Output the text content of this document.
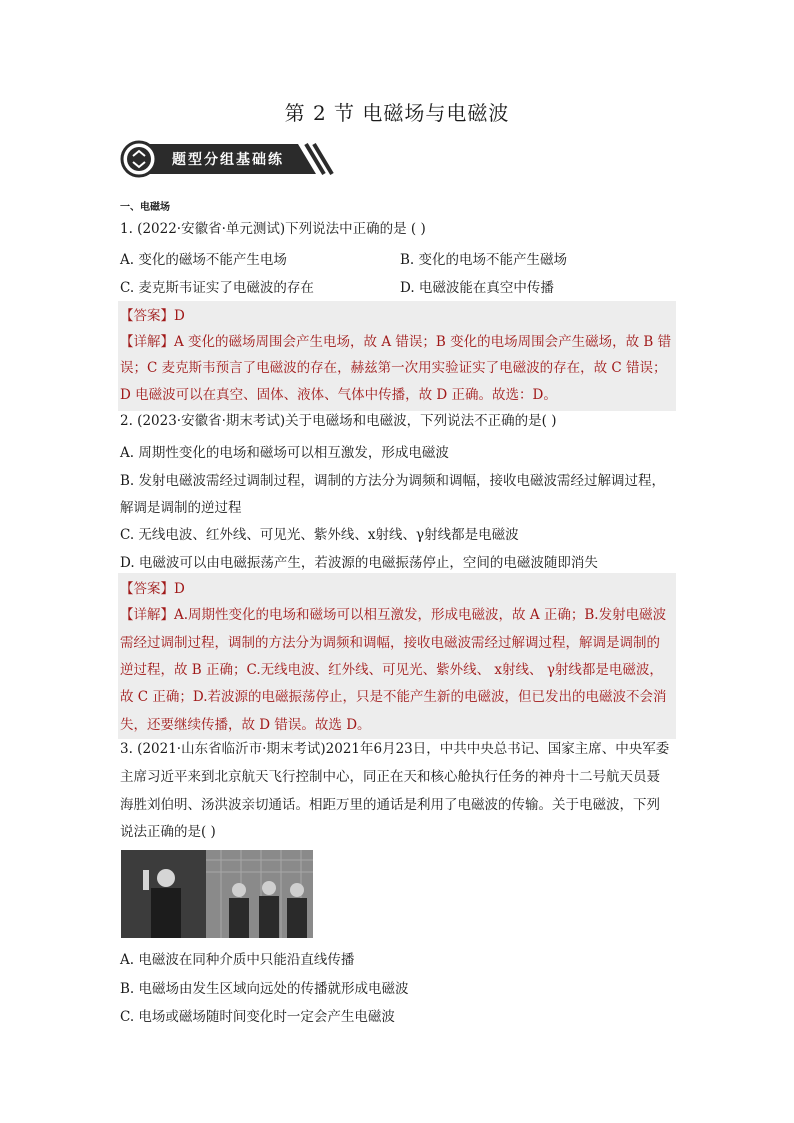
第 2 节 电磁场与电磁波
题型分组基础练
一、电磁场
1. (2022·安徽省·单元测试)下列说法中正确的是 ( )
A. 变化的磁场不能产生电场	B. 变化的电场不能产生磁场
C. 麦克斯韦证实了电磁波的存在	D. 电磁波能在真空中传播
【答案】D
【详解】A 变化的磁场周围会产生电场，故 A 错误；B 变化的电场周围会产生磁场，故 B 错
误；C 麦克斯韦预言了电磁波的存在，赫兹第一次用实验证实了电磁波的存在，故 C 错误；
D 电磁波可以在真空、固体、液体、气体中传播，故 D 正确。故选：D。
2. (2023·安徽省·期末考试)关于电磁场和电磁波，下列说法不正确的是( )
A. 周期性变化的电场和磁场可以相互激发，形成电磁波
B. 发射电磁波需经过调制过程，调制的方法分为调频和调幅，接收电磁波需经过解调过程，
解调是调制的逆过程
C. 无线电波、红外线、可见光、紫外线、x射线、γ射线都是电磁波
D. 电磁波可以由电磁振荡产生，若波源的电磁振荡停止，空间的电磁波随即消失
【答案】D
【详解】A.周期性变化的电场和磁场可以相互激发，形成电磁波，故 A 正确；B.发射电磁波
需经过调制过程，调制的方法分为调频和调幅，接收电磁波需经过解调过程，解调是调制的
逆过程，故 B 正确；C.无线电波、红外线、可见光、紫外线、 x射线、 γ射线都是电磁波，
故 C 正确；D.若波源的电磁振荡停止，只是不能产生新的电磁波，但已发出的电磁波不会消
失，还要继续传播，故 D 错误。故选 D。
3. (2021·山东省临沂市·期末考试)2021年6月23日，中共中央总书记、国家主席、中央军委
主席习近平来到北京航天飞行控制中心，同正在天和核心舱执行任务的神舟十二号航天员聂
海胜刘伯明、汤洪波亲切通话。相距万里的通话是利用了电磁波的传输。关于电磁波，下列
说法正确的是( )
A. 电磁波在同种介质中只能沿直线传播
B. 电磁场由发生区域向远处的传播就形成电磁波
C. 电场或磁场随时间变化时一定会产生电磁波
